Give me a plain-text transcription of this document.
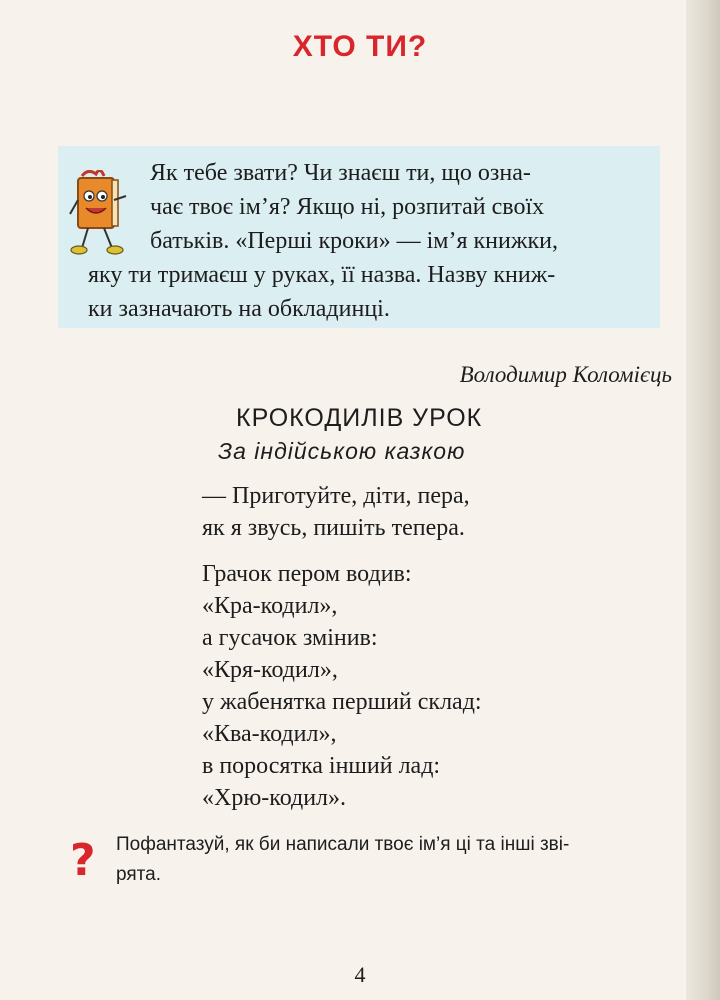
ХТО ТИ?
Як тебе звати? Чи знаєш ти, що озна-
чає твоє ім’я? Якщо ні, розпитай своїх
батьків. «Перші кроки» — ім’я книжки,
яку ти тримаєш у руках, її назва. Назву книж-
ки зазначають на обкладинці.
Володимир Коломієць
КРОКОДИЛІВ УРОК
За індійською казкою
— Приготуйте, діти, пера,
як я звусь, пишіть тепера.
Грачок пером водив:
«Кра-кодил»,
а гусачок змінив:
«Кря-кодил»,
у жабенятка перший склад:
«Ква-кодил»,
в поросятка інший лад:
«Хрю-кодил».
? Пофантазуй, як би написали твоє ім’я ці та інші зві-
рята.
4
